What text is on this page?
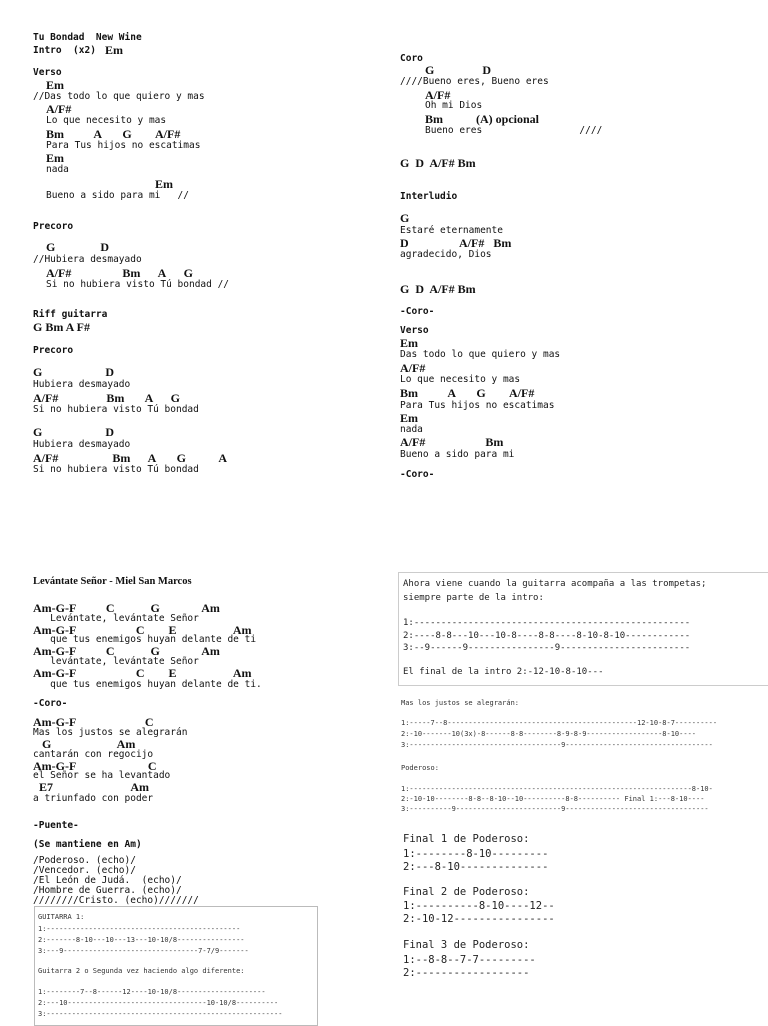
Tu Bondad  New Wine
Intro  (x2) Em
Verso
Em
//Das todo lo que quiero y mas
A/F#
Lo que necesito y mas
Bm          A       G        A/F#
Para Tus hijos no escatimas
Em
nada
Em
Bueno a sido para mi   //
Precoro
G               D
//Hubiera desmayado
A/F#                 Bm      A      G
Si no hubiera visto Tú bondad //
Riff guitarra
G Bm A F#
Precoro
G                     D
Hubiera desmayado
A/F#                Bm       A      G
Si no hubiera visto Tú bondad
G                     D
Hubiera desmayado
A/F#                  Bm      A       G           A
Si no hubiera visto Tú bondad
Coro
G                D
////Bueno eres, Bueno eres
A/F#
Oh mi Dios
Bm           (A) opcional
Bueno eres                 ////
G  D  A/F# Bm
Interludio
G
Estaré eternamente
D                 A/F#   Bm
agradecido, Dios
G  D  A/F# Bm
-Coro-
Verso
Em
Das todo lo que quiero y mas
A/F#
Lo que necesito y mas
Bm          A       G        A/F#
Para Tus hijos no escatimas
Em
nada
A/F#                    Bm
Bueno a sido para mi
-Coro-
Levántate Señor - Miel San Marcos
Am-G-F          C            G              Am
Levántate, levántate Señor
Am-G-F                    C        E                   Am
que tus enemigos huyan delante de ti
Am-G-F          C            G              Am
levántate, levántate Señor
Am-G-F                    C        E                   Am
que tus enemigos huyan delante de ti.
-Coro-
Am-G-F                       C
Mas los justos se alegrarán
G                      Am
cantarán con regocijo
Am-G-F                        C
el Señor se ha levantado
E7                          Am
a triunfado con poder
-Puente-
(Se mantiene en Am)
/Poderoso. (echo)/
/Vencedor. (echo)/
/El León de Judá.  (echo)/
/Hombre de Guerra. (echo)/
////////Cristo. (echo)///////
GUITARRA 1:
1:----------------------------------------------
2:-------8-10---10---13---10-10/8----------------
3:---9--------------------------------7-7/9-------
Guitarra 2 o Segunda vez haciendo algo diferente:
1:--------7--8------12----10-10/8---------------------
2:---10---------------------------------10-10/8----------
3:--------------------------------------------------------
Ahora viene cuando la guitarra acompaña a las trompetas;
siempre parte de la intro:
1:---------------------------------------------------
2:----8-8---10---10-8----8-8----8-10-8-10------------
3:--9------9----------------9------------------------
El final de la intro 2:-12-10-8-10---
Mas los justos se alegrarán:
1:-----7--8---------------------------------------------12-10-8-7----------
2:-10-------10(3x)-8------8-8--------8-9-8-9------------------8-10----
3:------------------------------------9-----------------------------------
Poderoso:
1:-------------------------------------------------------------------8-10-
2:-10-10--------8-8--8-10--10----------8-8---------- Final 1:---8-10----
3:----------9-------------------------9----------------------------------
Final 1 de Poderoso:
1:--------8-10---------
2:---8-10--------------
Final 2 de Poderoso:
1:----------8-10----12--
2:-10-12----------------
Final 3 de Poderoso:
1:--8-8--7-7---------
2:------------------
